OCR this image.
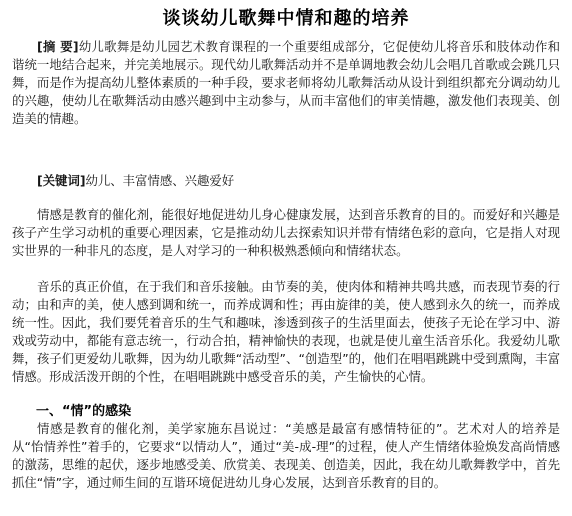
谈谈幼儿歌舞中情和趣的培养

[摘 要]幼儿歌舞是幼儿园艺术教育课程的一个重要组成部分，它促使幼儿将音乐和肢体动作和谐统一地结合起来，并完美地展示。现代幼儿歌舞活动并不是单调地教会幼儿会唱几首歌或会跳几只舞，而是作为提高幼儿整体素质的一种手段，要求老师将幼儿歌舞活动从设计到组织都充分调动幼儿的兴趣，使幼儿在歌舞活动由感兴趣到中主动参与，从而丰富他们的审美情趣，激发他们表现美、创造美的情趣。

[关键词]幼儿、丰富情感、兴趣爱好

情感是教育的催化剂，能很好地促进幼儿身心健康发展，达到音乐教育的目的。而爱好和兴趣是孩子产生学习动机的重要心理因素，它是推动幼儿去探索知识并带有情绪色彩的意向，它是指人对现实世界的一种非凡的态度，是人对学习的一种积极熟悉倾向和情绪状态。

音乐的真正价值，在于我们和音乐接触。由节奏的美，使肉体和精神共鸣共感，而表现节奏的行动；由和声的美，使人感到调和统一，而养成调和性；再由旋律的美，使人感到永久的统一，而养成统一性。因此，我们要凭着音乐的生气和趣味，渗透到孩子的生活里面去，使孩子无论在学习中、游戏或劳动中，都能有意志统一，行动合拍，精神愉快的表现，也就是使儿童生活音乐化。我爱幼儿歌舞，孩子们更爱幼儿歌舞，因为幼儿歌舞“活动型”、“创造型”的，他们在唱唱跳跳中受到熏陶，丰富情感。形成活泼开朗的个性，在唱唱跳跳中感受音乐的美，产生愉快的心情。

一、“情”的感染

情感是教育的催化剂，美学家施东昌说过：“美感是最富有感情特征的”。艺术对人的培养是从“怡情养性”着手的，它要求“以情动人”，通过“美-成-理”的过程，使人产生情绪体验焕发高尚情感的激荡，思维的起伏，逐步地感受美、欣赏美、表现美、创造美，因此，我在幼儿歌舞教学中，首先抓住“情”字，通过师生间的互谐环境促进幼儿身心发展，达到音乐教育的目的。
